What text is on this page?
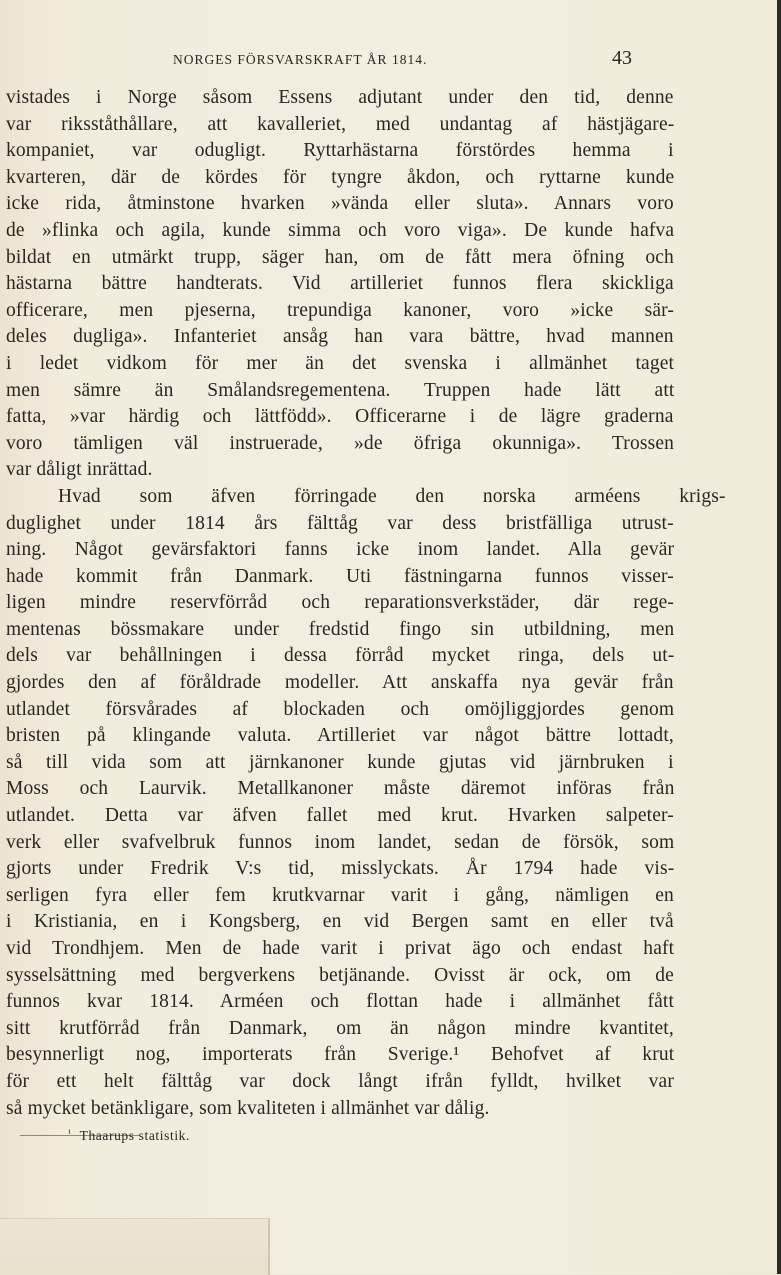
NORGES FÖRSVARSKRAFT ÅR 1814.	43
vistades i Norge såsom Essens adjutant under den tid, denne
var riksståthållare, att kavalleriet, med undantag af hästjägare-
kompaniet, var odugligt. Ryttarhästarna förstördes hemma i
kvarteren, där de kördes för tyngre åkdon, och ryttarne kunde
icke rida, åtminstone hvarken »vända eller sluta». Annars voro
de »flinka och agila, kunde simma och voro viga». De kunde hafva
bildat en utmärkt trupp, säger han, om de fått mera öfning och
hästarna bättre handterats. Vid artilleriet funnos flera skickliga
officerare, men pjeserna, trepundiga kanoner, voro »icke sär-
deles dugliga». Infanteriet ansåg han vara bättre, hvad mannen
i ledet vidkom för mer än det svenska i allmänhet taget
men sämre än Smålandsregementena. Truppen hade lätt att
fatta, »var härdig och lättfödd». Officerarne i de lägre graderna
voro tämligen väl instruerade, »de öfriga okunniga». Trossen
var dåligt inrättad.
Hvad som äfven förringade den norska arméens krigs-
duglighet under 1814 års fälttåg var dess bristfälliga utrust-
ning. Något gevärsfaktori fanns icke inom landet. Alla gevär
hade kommit från Danmark. Uti fästningarna funnos visser-
ligen mindre reservförråd och reparationsverkstäder, där rege-
mentenas bössmakare under fredstid fingo sin utbildning, men
dels var behållningen i dessa förråd mycket ringa, dels ut-
gjordes den af föråldrade modeller. Att anskaffa nya gevär från
utlandet försvårades af blockaden och omöjliggjordes genom
bristen på klingande valuta. Artilleriet var något bättre lottadt,
så till vida som att järnkanoner kunde gjutas vid järnbruken i
Moss och Laurvik. Metallkanoner måste däremot införas från
utlandet. Detta var äfven fallet med krut. Hvarken salpeter-
verk eller svafvelbruk funnos inom landet, sedan de försök, som
gjorts under Fredrik V:s tid, misslyckats. År 1794 hade vis-
serligen fyra eller fem krutkvarnar varit i gång, nämligen en
i Kristiania, en i Kongsberg, en vid Bergen samt en eller två
vid Trondhjem. Men de hade varit i privat ägo och endast haft
sysselsättning med bergverkens betjänande. Ovisst är ock, om de
funnos kvar 1814. Arméen och flottan hade i allmänhet fått
sitt krutförråd från Danmark, om än någon mindre kvantitet,
besynnerligt nog, importerats från Sverige.¹ Behofvet af krut
för ett helt fälttåg var dock långt ifrån fylldt, hvilket var
så mycket betänkligare, som kvaliteten i allmänhet var dålig.
$^{^1}$ Thaarups statistik.
